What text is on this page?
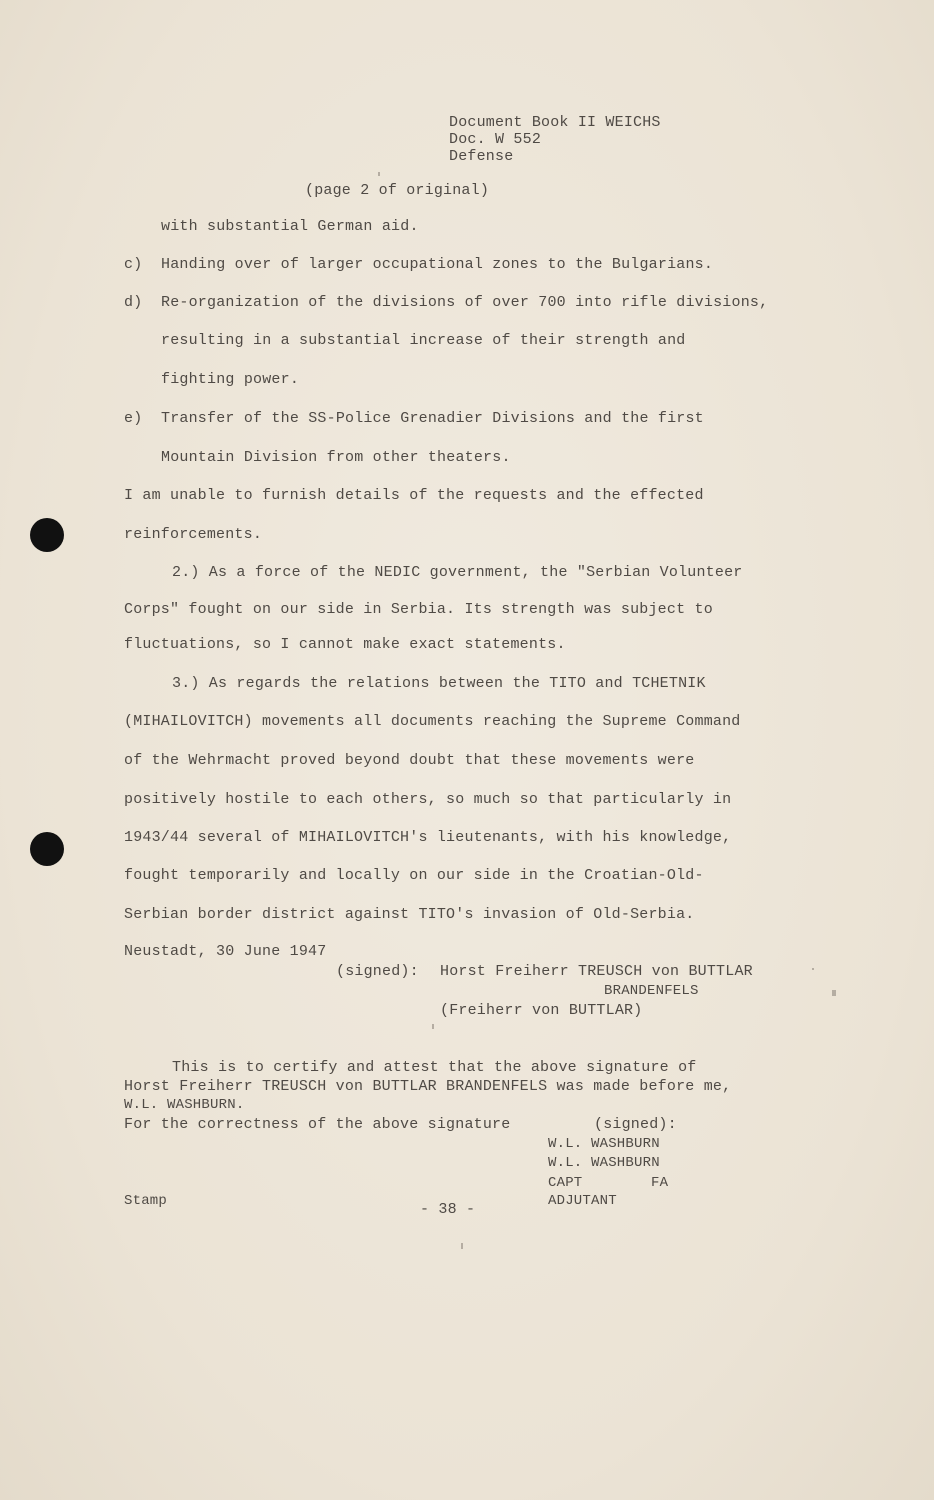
Document Book II WEICHS
Doc. W 552
Defense
(page 2 of original)
with substantial German aid.
c) Handing over of larger occupational zones to the Bulgarians.
d) Re-organization of the divisions of over 700 into rifle divisions,
resulting in a substantial increase of their strength and
fighting power.
e) Transfer of the SS-Police Grenadier Divisions and the first
Mountain Division from other theaters.
I am unable to furnish details of the requests and the effected
reinforcements.
2.) As a force of the NEDIC government, the "Serbian Volunteer
Corps" fought on our side in Serbia. Its strength was subject to
fluctuations, so I cannot make exact statements.
3.) As regards the relations between the TITO and TCHETNIK
(MIHAILOVITCH) movements all documents reaching the Supreme Command
of the Wehrmacht proved beyond doubt that these movements were
positively hostile to each others, so much so that particularly in
1943/44 several of MIHAILOVITCH's lieutenants, with his knowledge,
fought temporarily and locally on our side in the Croatian-Old-
Serbian border district against TITO's invasion of Old-Serbia.
Neustadt, 30 June 1947
(signed): Horst Freiherr TREUSCH von BUTTLAR
BRANDENFELS
(Freiherr von BUTTLAR)
This is to certify and attest that the above signature of
Horst Freiherr TREUSCH von BUTTLAR BRANDENFELS was made before me,
W.L. WASHBURN.
For the correctness of the above signature	(signed):
W.L. WASHBURN
W.L. WASHBURN
CAPT	FA
ADJUTANT
Stamp	- 38 -
